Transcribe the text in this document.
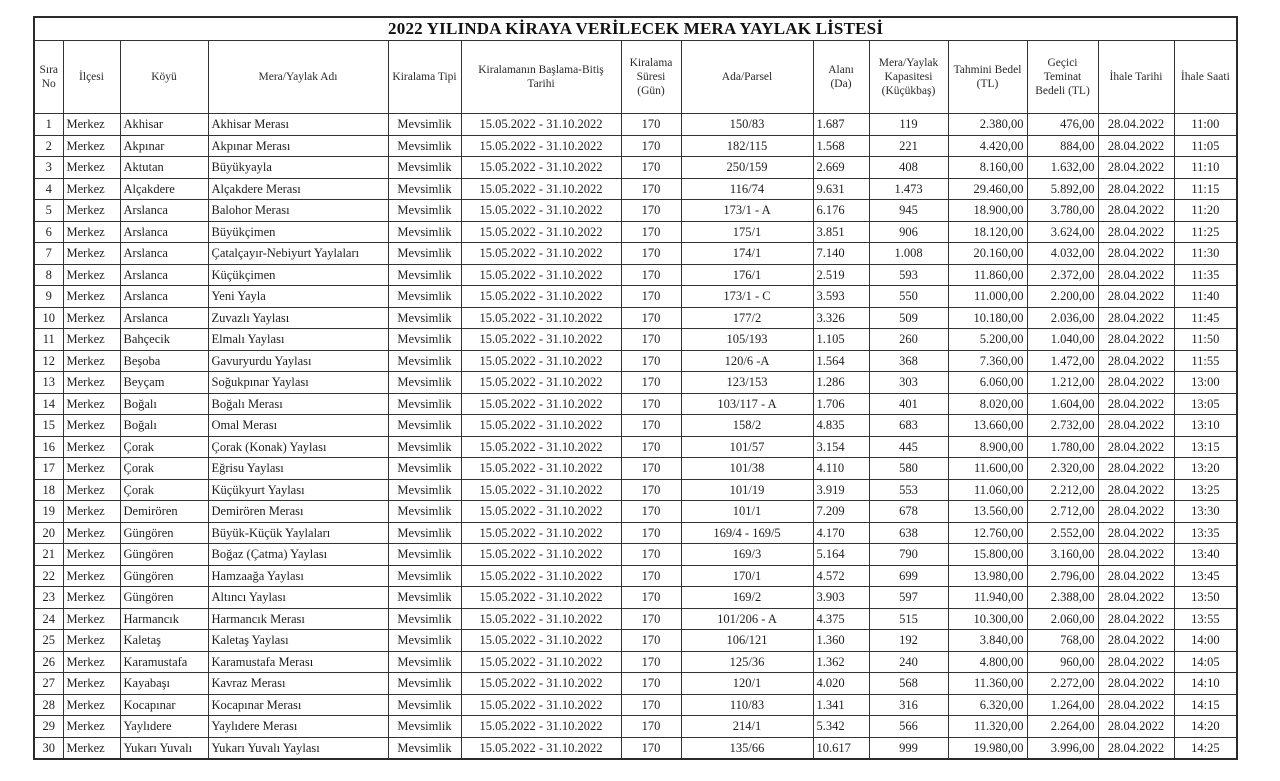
2022 YILINDA KİRAYA VERİLECEK MERA YAYLAK LİSTESİ													
Sıra No	İlçesi	Köyü	Mera/Yaylak Adı	Kiralama Tipi	Kiralamanın Başlama-Bitiş Tarihi	Kiralama Süresi (Gün)	Ada/Parsel	Alanı (Da)	Mera/Yaylak Kapasitesi (Küçükbaş)	Tahmini Bedel (TL)	Geçici Teminat Bedeli (TL)	İhale Tarihi	İhale Saati
1	Merkez	Akhisar	Akhisar Merası	Mevsimlik	15.05.2022 - 31.10.2022	170	150/83	1.687	119	2.380,00	476,00	28.04.2022	11:00
2	Merkez	Akpınar	Akpınar Merası	Mevsimlik	15.05.2022 - 31.10.2022	170	182/115	1.568	221	4.420,00	884,00	28.04.2022	11:05
3	Merkez	Aktutan	Büyükyayla	Mevsimlik	15.05.2022 - 31.10.2022	170	250/159	2.669	408	8.160,00	1.632,00	28.04.2022	11:10
4	Merkez	Alçakdere	Alçakdere Merası	Mevsimlik	15.05.2022 - 31.10.2022	170	116/74	9.631	1.473	29.460,00	5.892,00	28.04.2022	11:15
5	Merkez	Arslanca	Balohor Merası	Mevsimlik	15.05.2022 - 31.10.2022	170	173/1 - A	6.176	945	18.900,00	3.780,00	28.04.2022	11:20
6	Merkez	Arslanca	Büyükçimen	Mevsimlik	15.05.2022 - 31.10.2022	170	175/1	3.851	906	18.120,00	3.624,00	28.04.2022	11:25
7	Merkez	Arslanca	Çatalçayır-Nebiyurt Yaylaları	Mevsimlik	15.05.2022 - 31.10.2022	170	174/1	7.140	1.008	20.160,00	4.032,00	28.04.2022	11:30
8	Merkez	Arslanca	Küçükçimen	Mevsimlik	15.05.2022 - 31.10.2022	170	176/1	2.519	593	11.860,00	2.372,00	28.04.2022	11:35
9	Merkez	Arslanca	Yeni Yayla	Mevsimlik	15.05.2022 - 31.10.2022	170	173/1 - C	3.593	550	11.000,00	2.200,00	28.04.2022	11:40
10	Merkez	Arslanca	Zuvazlı Yaylası	Mevsimlik	15.05.2022 - 31.10.2022	170	177/2	3.326	509	10.180,00	2.036,00	28.04.2022	11:45
11	Merkez	Bahçecik	Elmalı Yaylası	Mevsimlik	15.05.2022 - 31.10.2022	170	105/193	1.105	260	5.200,00	1.040,00	28.04.2022	11:50
12	Merkez	Beşoba	Gavuryurdu Yaylası	Mevsimlik	15.05.2022 - 31.10.2022	170	120/6 -A	1.564	368	7.360,00	1.472,00	28.04.2022	11:55
13	Merkez	Beyçam	Soğukpınar Yaylası	Mevsimlik	15.05.2022 - 31.10.2022	170	123/153	1.286	303	6.060,00	1.212,00	28.04.2022	13:00
14	Merkez	Boğalı	Boğalı Merası	Mevsimlik	15.05.2022 - 31.10.2022	170	103/117 - A	1.706	401	8.020,00	1.604,00	28.04.2022	13:05
15	Merkez	Boğalı	Omal Merası	Mevsimlik	15.05.2022 - 31.10.2022	170	158/2	4.835	683	13.660,00	2.732,00	28.04.2022	13:10
16	Merkez	Çorak	Çorak (Konak) Yaylası	Mevsimlik	15.05.2022 - 31.10.2022	170	101/57	3.154	445	8.900,00	1.780,00	28.04.2022	13:15
17	Merkez	Çorak	Eğrisu Yaylası	Mevsimlik	15.05.2022 - 31.10.2022	170	101/38	4.110	580	11.600,00	2.320,00	28.04.2022	13:20
18	Merkez	Çorak	Küçükyurt Yaylası	Mevsimlik	15.05.2022 - 31.10.2022	170	101/19	3.919	553	11.060,00	2.212,00	28.04.2022	13:25
19	Merkez	Demirören	Demirören Merası	Mevsimlik	15.05.2022 - 31.10.2022	170	101/1	7.209	678	13.560,00	2.712,00	28.04.2022	13:30
20	Merkez	Güngören	Büyük-Küçük Yaylaları	Mevsimlik	15.05.2022 - 31.10.2022	170	169/4 - 169/5	4.170	638	12.760,00	2.552,00	28.04.2022	13:35
21	Merkez	Güngören	Boğaz (Çatma) Yaylası	Mevsimlik	15.05.2022 - 31.10.2022	170	169/3	5.164	790	15.800,00	3.160,00	28.04.2022	13:40
22	Merkez	Güngören	Hamzaağa Yaylası	Mevsimlik	15.05.2022 - 31.10.2022	170	170/1	4.572	699	13.980,00	2.796,00	28.04.2022	13:45
23	Merkez	Güngören	Altıncı Yaylası	Mevsimlik	15.05.2022 - 31.10.2022	170	169/2	3.903	597	11.940,00	2.388,00	28.04.2022	13:50
24	Merkez	Harmancık	Harmancık Merası	Mevsimlik	15.05.2022 - 31.10.2022	170	101/206 - A	4.375	515	10.300,00	2.060,00	28.04.2022	13:55
25	Merkez	Kaletaş	Kaletaş Yaylası	Mevsimlik	15.05.2022 - 31.10.2022	170	106/121	1.360	192	3.840,00	768,00	28.04.2022	14:00
26	Merkez	Karamustafa	Karamustafa Merası	Mevsimlik	15.05.2022 - 31.10.2022	170	125/36	1.362	240	4.800,00	960,00	28.04.2022	14:05
27	Merkez	Kayabaşı	Kavraz Merası	Mevsimlik	15.05.2022 - 31.10.2022	170	120/1	4.020	568	11.360,00	2.272,00	28.04.2022	14:10
28	Merkez	Kocapınar	Kocapınar Merası	Mevsimlik	15.05.2022 - 31.10.2022	170	110/83	1.341	316	6.320,00	1.264,00	28.04.2022	14:15
29	Merkez	Yaylıdere	Yaylıdere Merası	Mevsimlik	15.05.2022 - 31.10.2022	170	214/1	5.342	566	11.320,00	2.264,00	28.04.2022	14:20
30	Merkez	Yukarı Yuvalı	Yukarı Yuvalı Yaylası	Mevsimlik	15.05.2022 - 31.10.2022	170	135/66	10.617	999	19.980,00	3.996,00	28.04.2022	14:25
